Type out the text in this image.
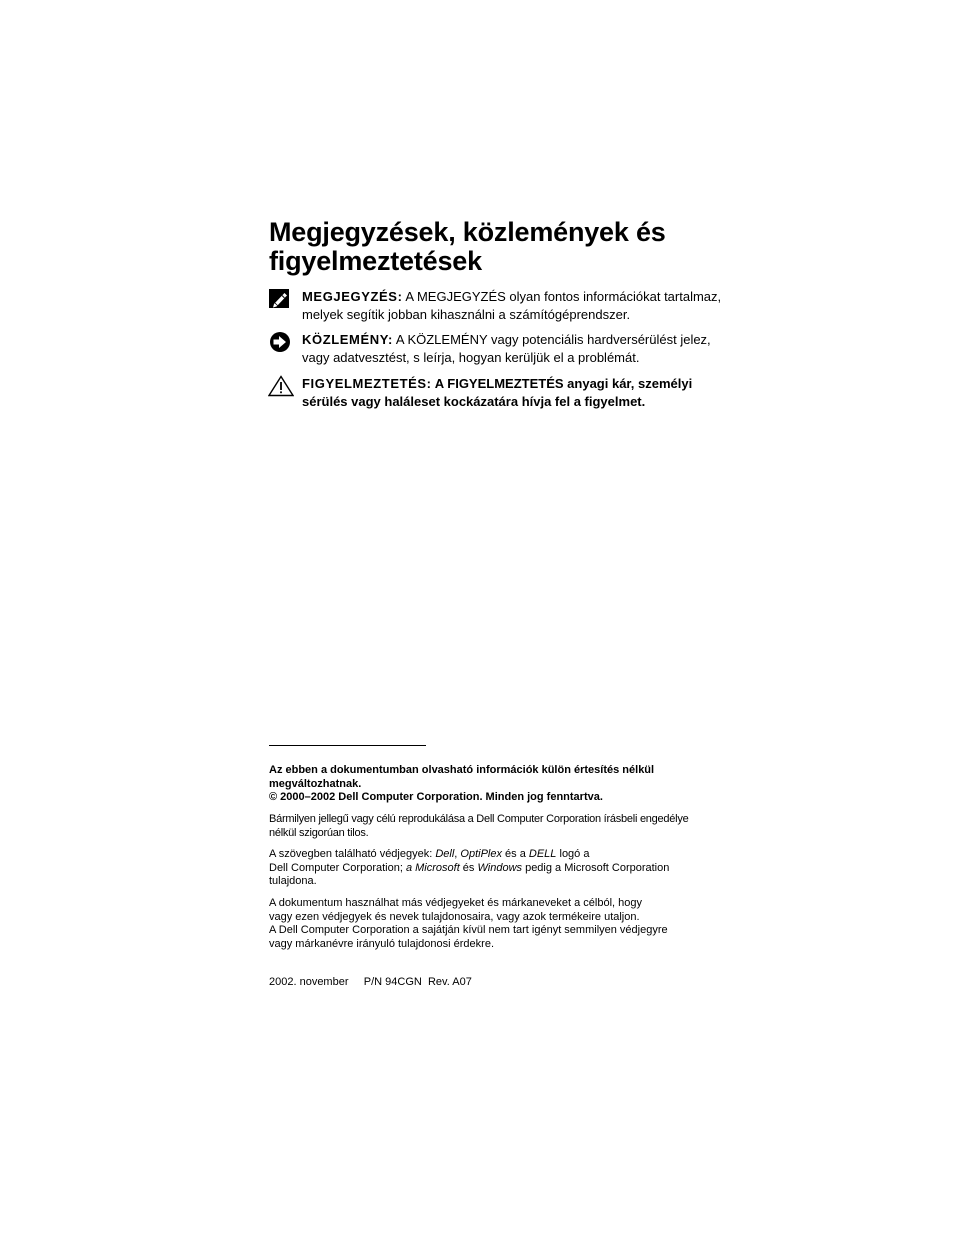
Megjegyzések, közlemények és
figyelmeztetések
MEGJEGYZÉS: A MEGJEGYZÉS olyan fontos információkat tartalmaz,
melyek segítik jobban kihasználni a számítógéprendszer.
KÖZLEMÉNY: A KÖZLEMÉNY vagy potenciális hardversérülést jelez,
vagy adatvesztést, s leírja, hogyan kerüljük el a problémát.
FIGYELMEZTETÉS: A FIGYELMEZTETÉS anyagi kár, személyi
sérülés vagy haláleset kockázatára hívja fel a figyelmet.

Az ebben a dokumentumban olvasható információk külön értesítés nélkül

megváltozhatnak.

© 2000–2002 Dell Computer Corporation. Minden jog fenntartva.

Bármilyen jellegű vagy célú reprodukálása a Dell Computer Corporation írásbeli engedélye

nélkül szigorúan tilos.

A szövegben található védjegyek: Dell, OptiPlex és a DELL logó a

Dell Computer Corporation; a Microsoft és Windows pedig a Microsoft Corporation

tulajdona.

A dokumentum használhat más védjegyeket és márkaneveket a célból, hogy

vagy ezen védjegyek és nevek tulajdonosaira, vagy azok termékeire utaljon.

A Dell Computer Corporation a sajátján kívül nem tart igényt semmilyen védjegyre

vagy márkanévre irányuló tulajdonosi érdekre.

2002. november P/N 94CGN Rev. A07
